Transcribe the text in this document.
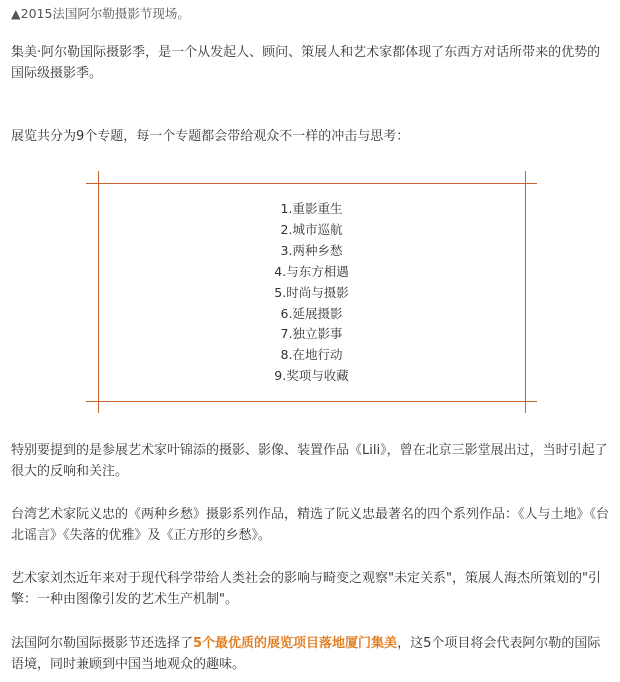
▲2015法国阿尔勒摄影节现场。

集美·阿尔勒国际摄影季，是一个从发起人、顾问、策展人和艺术家都体现了东西方对话所带来的优势的国际级摄影季。

展览共分为9个专题，每一个专题都会带给观众不一样的冲击与思考：

1.重影重生
2.城市巡航
3.两种乡愁
4.与东方相遇
5.时尚与摄影
6.延展摄影
7.独立影事
8.在地行动
9.奖项与收藏

特别要提到的是参展艺术家叶锦添的摄影、影像、装置作品《Lili》，曾在北京三影堂展出过，当时引起了很大的反响和关注。

台湾艺术家阮义忠的《两种乡愁》摄影系列作品，精选了阮义忠最著名的四个系列作品：《人与土地》《台北谣言》《失落的优雅》及《正方形的乡愁》。

艺术家刘杰近年来对于现代科学带给人类社会的影响与畸变之观察"未定关系"，策展人海杰所策划的"引擎：一种由图像引发的艺术生产机制"。

法国阿尔勒国际摄影节还选择了5个最优质的展览项目落地厦门集美，这5个项目将会代表阿尔勒的国际语境，同时兼顾到中国当地观众的趣味。
